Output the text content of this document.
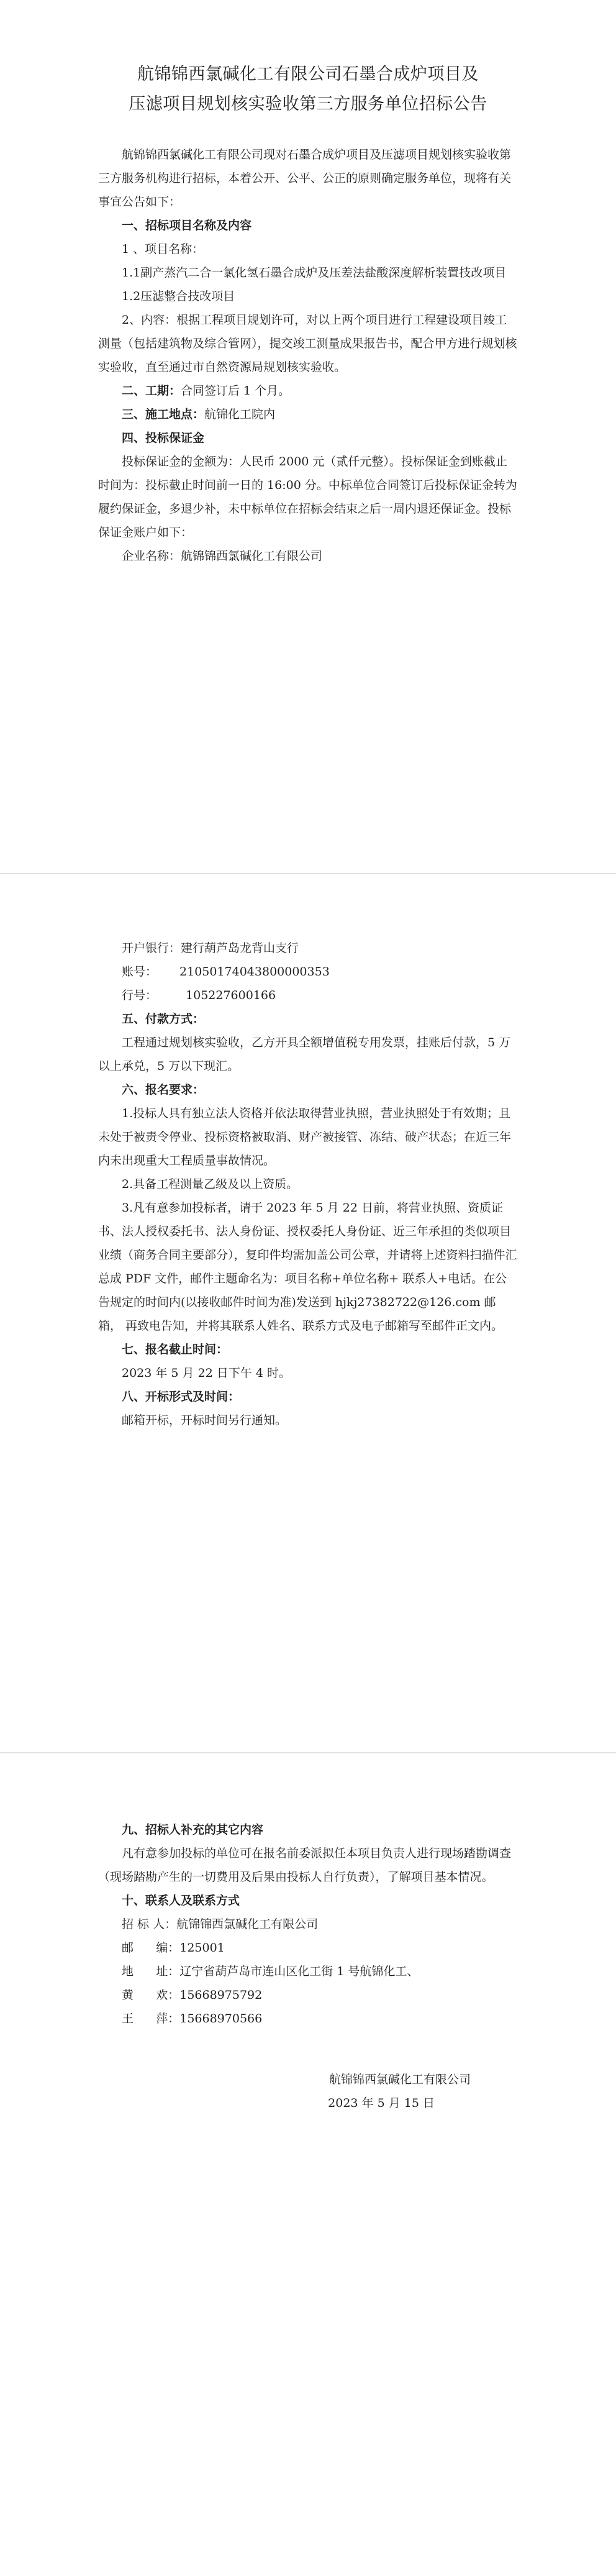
航锦锦西氯碱化工有限公司石墨合成炉项目及
压滤项目规划核实验收第三方服务单位招标公告

航锦锦西氯碱化工有限公司现对石墨合成炉项目及压滤项目规划核实验收第三方服务机构进行招标，本着公开、公平、公正的原则确定服务单位，现将有关事宜公告如下：

一、招标项目名称及内容

1 、项目名称：

1.1副产蒸汽二合一氯化氢石墨合成炉及压差法盐酸深度解析装置技改项目

1.2压滤整合技改项目

2、内容：根据工程项目规划许可，对以上两个项目进行工程建设项目竣工测量（包括建筑物及综合管网），提交竣工测量成果报告书，配合甲方进行规划核实验收，直至通过市自然资源局规划核实验收。

二、工期：合同签订后 1 个月。

三、施工地点：航锦化工院内

四、投标保证金

投标保证金的金额为：人民币 2000 元（贰仟元整）。投标保证金到账截止时间为：投标截止时间前一日的 16:00 分。中标单位合同签订后投标保证金转为履约保证金，多退少补，未中标单位在招标会结束之后一周内退还保证金。投标保证金账户如下：

企业名称：航锦锦西氯碱化工有限公司

开户银行：建行葫芦岛龙背山支行

账号： 21050174043800000353

行号： 105227600166

五、付款方式：

工程通过规划核实验收，乙方开具全额增值税专用发票，挂账后付款，5 万以上承兑，5 万以下现汇。

六、报名要求：

1.投标人具有独立法人资格并依法取得营业执照，营业执照处于有效期；且未处于被责令停业、投标资格被取消、财产被接管、冻结、破产状态；在近三年内未出现重大工程质量事故情况。

2.具备工程测量乙级及以上资质。

3.凡有意参加投标者，请于 2023 年 5 月 22 日前，将营业执照、资质证书、法人授权委托书、法人身份证、授权委托人身份证、近三年承担的类似项目业绩（商务合同主要部分），复印件均需加盖公司公章，并请将上述资料扫描件汇总成 PDF 文件，邮件主题命名为：项目名称+单位名称+ 联系人+电话。在公告规定的时间内(以接收邮件时间为准)发送到 hjkj27382722@126.com 邮箱， 再致电告知，并将其联系人姓名、联系方式及电子邮箱写至邮件正文内。

七、报名截止时间：

2023 年 5 月 22 日下午 4 时。

八、开标形式及时间：

邮箱开标，开标时间另行通知。

九、招标人补充的其它内容

凡有意参加投标的单位可在报名前委派拟任本项目负责人进行现场踏勘调查（现场踏勘产生的一切费用及后果由投标人自行负责），了解项目基本情况。

十、联系人及联系方式

招 标 人： 航锦锦西氯碱化工有限公司

邮      编： 125001

地      址： 辽宁省葫芦岛市连山区化工街 1 号航锦化工、

黄      欢： 15668975792

王      萍： 15668970566

航锦锦西氯碱化工有限公司

2023 年 5 月 15 日
